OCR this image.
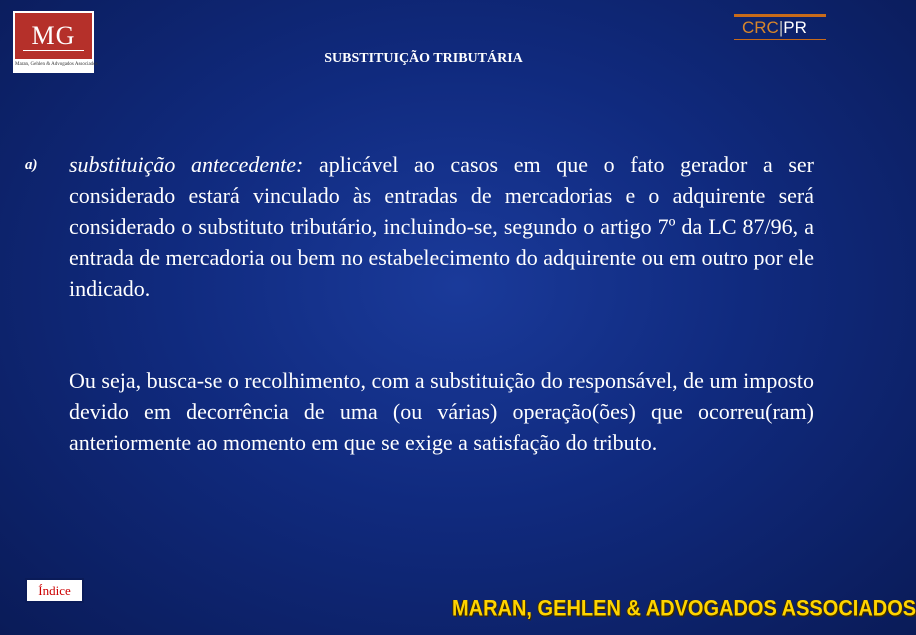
MG
Maran, Gehlen & Advogados Associados
CRC|PR
SUBSTITUIÇÃO TRIBUTÁRIA
a) substituição antecedente: aplicável ao casos em que o fato gerador a ser considerado estará vinculado às entradas de mercadorias e o adquirente será considerado o substituto tributário, incluindo-se, segundo o artigo 7º da LC 87/96, a entrada de mercadoria ou bem no estabelecimento do adquirente ou em outro por ele indicado.

Ou seja, busca-se o recolhimento, com a substituição do responsável, de um imposto devido em decorrência de uma (ou várias) operação(ões) que ocorreu(ram) anteriormente ao momento em que se exige a satisfação do tributo.

Índice
MARAN, GEHLEN & ADVOGADOS ASSOCIADOS
